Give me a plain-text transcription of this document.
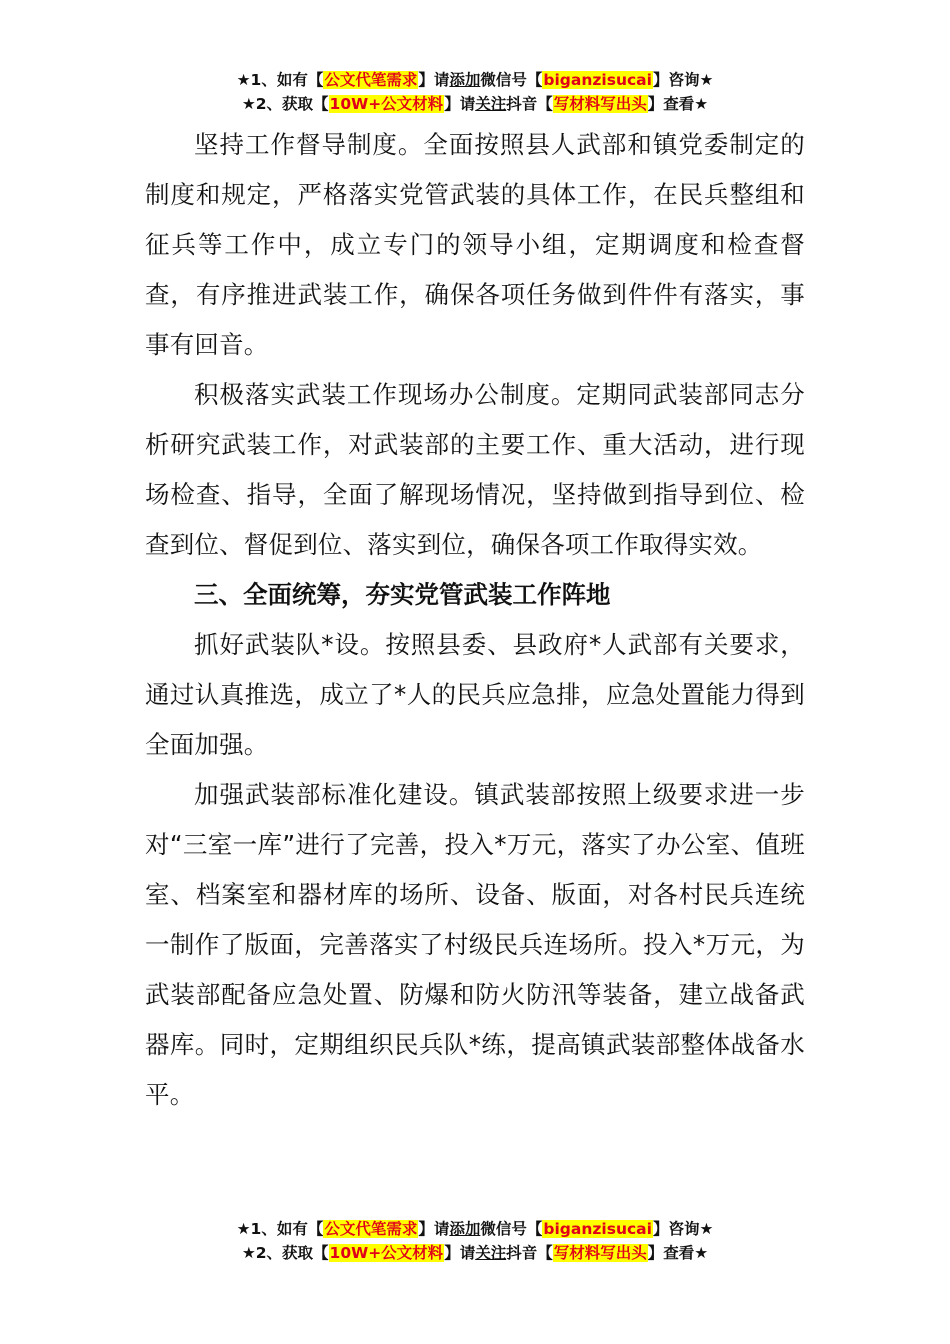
★1、如有【公文代笔需求】请添加微信号【biganzisucai】咨询★
★2、获取【10W+公文材料】请关注抖音【写材料写出头】查看★

坚持工作督导制度。全面按照县人武部和镇党委制定的制度和规定，严格落实党管武装的具体工作，在民兵整组和征兵等工作中，成立专门的领导小组，定期调度和检查督查，有序推进武装工作，确保各项任务做到件件有落实，事事有回音。

积极落实武装工作现场办公制度。定期同武装部同志分析研究武装工作，对武装部的主要工作、重大活动，进行现场检查、指导，全面了解现场情况，坚持做到指导到位、检查到位、督促到位、落实到位，确保各项工作取得实效。

三、全面统筹，夯实党管武装工作阵地

抓好武装队*设。按照县委、县政府*人武部有关要求，通过认真推选，成立了*人的民兵应急排，应急处置能力得到全面加强。

加强武装部标准化建设。镇武装部按照上级要求进一步对“三室一库”进行了完善，投入*万元，落实了办公室、值班室、档案室和器材库的场所、设备、版面，对各村民兵连统一制作了版面，完善落实了村级民兵连场所。投入*万元，为武装部配备应急处置、防爆和防火防汛等装备，建立战备武器库。同时，定期组织民兵队*练，提高镇武装部整体战备水平。

★1、如有【公文代笔需求】请添加微信号【biganzisucai】咨询★
★2、获取【10W+公文材料】请关注抖音【写材料写出头】查看★
